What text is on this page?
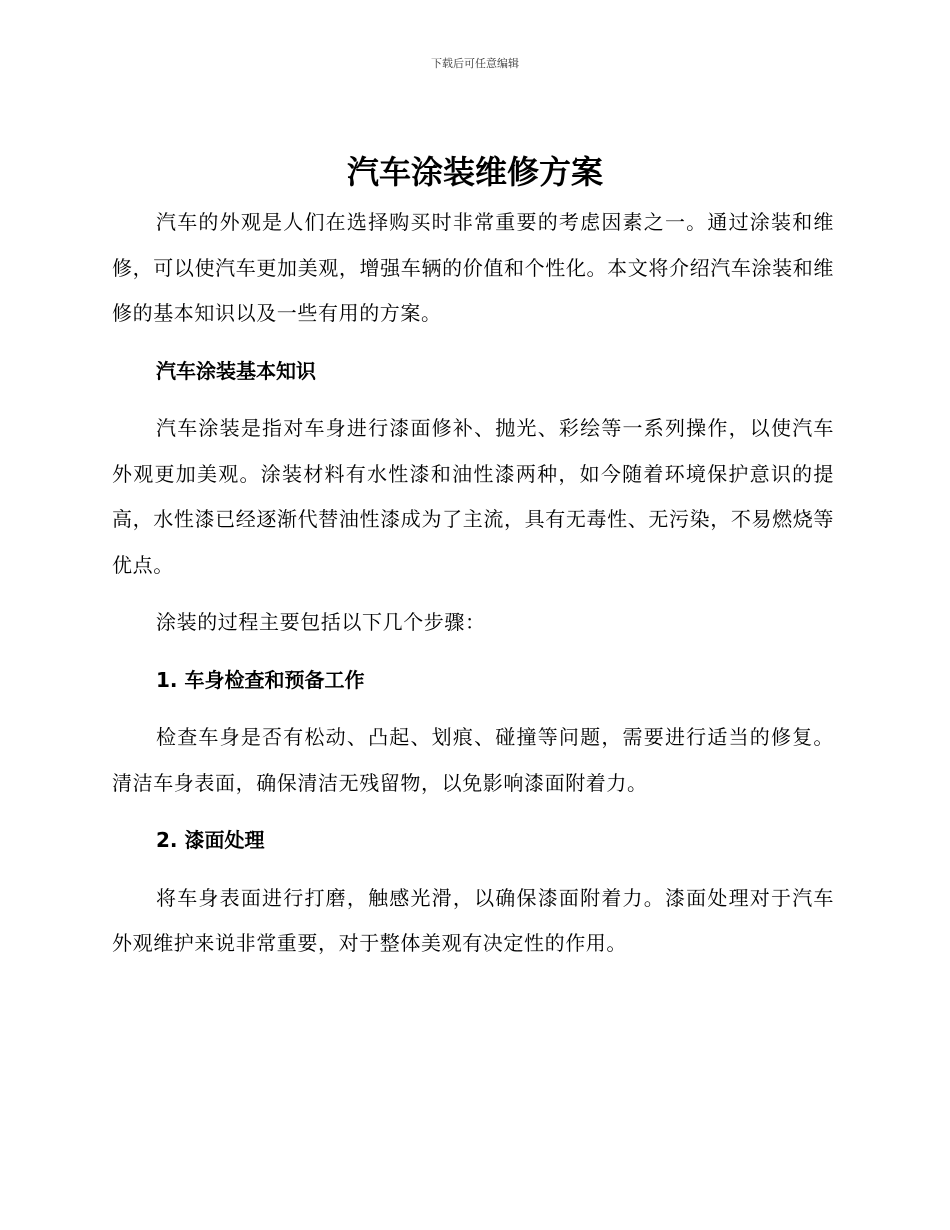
下载后可任意编辑
汽车涂装维修方案

汽车的外观是人们在选择购买时非常重要的考虑因素之一。通过涂装和维修，可以使汽车更加美观，增强车辆的价值和个性化。本文将介绍汽车涂装和维修的基本知识以及一些有用的方案。

汽车涂装基本知识

汽车涂装是指对车身进行漆面修补、抛光、彩绘等一系列操作，以使汽车外观更加美观。涂装材料有水性漆和油性漆两种，如今随着环境保护意识的提高，水性漆已经逐渐代替油性漆成为了主流，具有无毒性、无污染，不易燃烧等优点。

涂装的过程主要包括以下几个步骤：

1. 车身检查和预备工作

检查车身是否有松动、凸起、划痕、碰撞等问题，需要进行适当的修复。清洁车身表面，确保清洁无残留物，以免影响漆面附着力。

2. 漆面处理

将车身表面进行打磨，触感光滑，以确保漆面附着力。漆面处理对于汽车外观维护来说非常重要，对于整体美观有决定性的作用。
